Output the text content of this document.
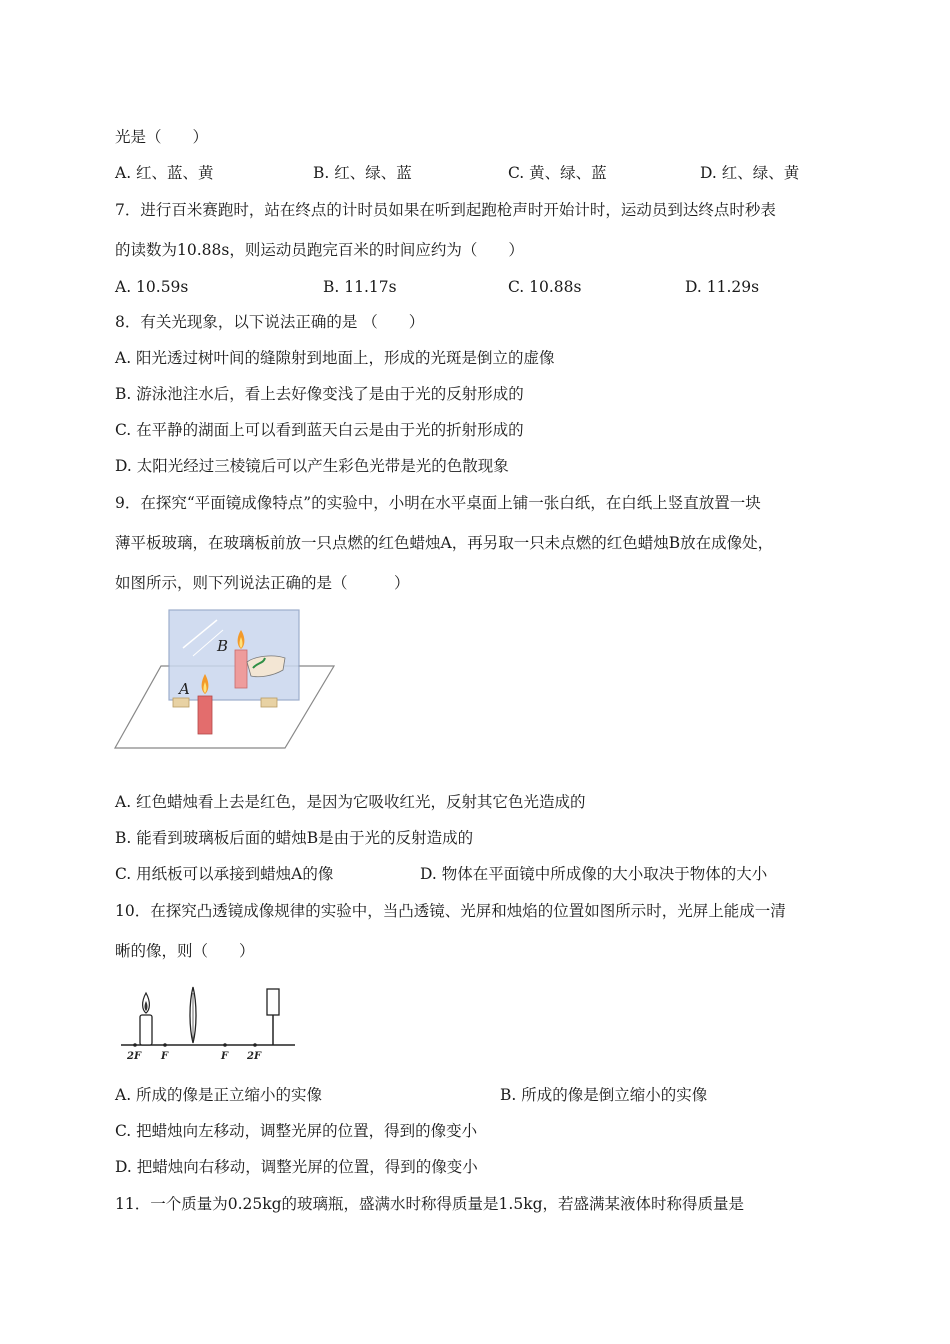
光是（　　）
A. 红、蓝、黄	B. 红、绿、蓝	C. 黄、绿、蓝	D. 红、绿、黄
7．进行百米赛跑时，站在终点的计时员如果在听到起跑枪声时开始计时，运动员到达终点时秒表
的读数为10.88s，则运动员跑完百米的时间应约为（　　）
A. 10.59s	B. 11.17s	C. 10.88s	D. 11.29s
8．有关光现象，以下说法正确的是 （　　）
A. 阳光透过树叶间的缝隙射到地面上，形成的光斑是倒立的虚像
B. 游泳池注水后，看上去好像变浅了是由于光的反射形成的
C. 在平静的湖面上可以看到蓝天白云是由于光的折射形成的
D. 太阳光经过三棱镜后可以产生彩色光带是光的色散现象
9．在探究“平面镜成像特点”的实验中，小明在水平桌面上铺一张白纸，在白纸上竖直放置一块
薄平板玻璃，在玻璃板前放一只点燃的红色蜡烛A，再另取一只未点燃的红色蜡烛B放在成像处，
如图所示，则下列说法正确的是（　　　）
A
B
A. 红色蜡烛看上去是红色，是因为它吸收红光，反射其它色光造成的
B. 能看到玻璃板后面的蜡烛B是由于光的反射造成的
C. 用纸板可以承接到蜡烛A的像	D. 物体在平面镜中所成像的大小取决于物体的大小
10．在探究凸透镜成像规律的实验中，当凸透镜、光屏和烛焰的位置如图所示时，光屏上能成一清
晰的像，则（　　）
2F F	F 2F
A. 所成的像是正立缩小的实像	B. 所成的像是倒立缩小的实像
C. 把蜡烛向左移动，调整光屏的位置，得到的像变小
D. 把蜡烛向右移动，调整光屏的位置，得到的像变小
11．一个质量为0.25kg的玻璃瓶，盛满水时称得质量是1.5kg，若盛满某液体时称得质量是
